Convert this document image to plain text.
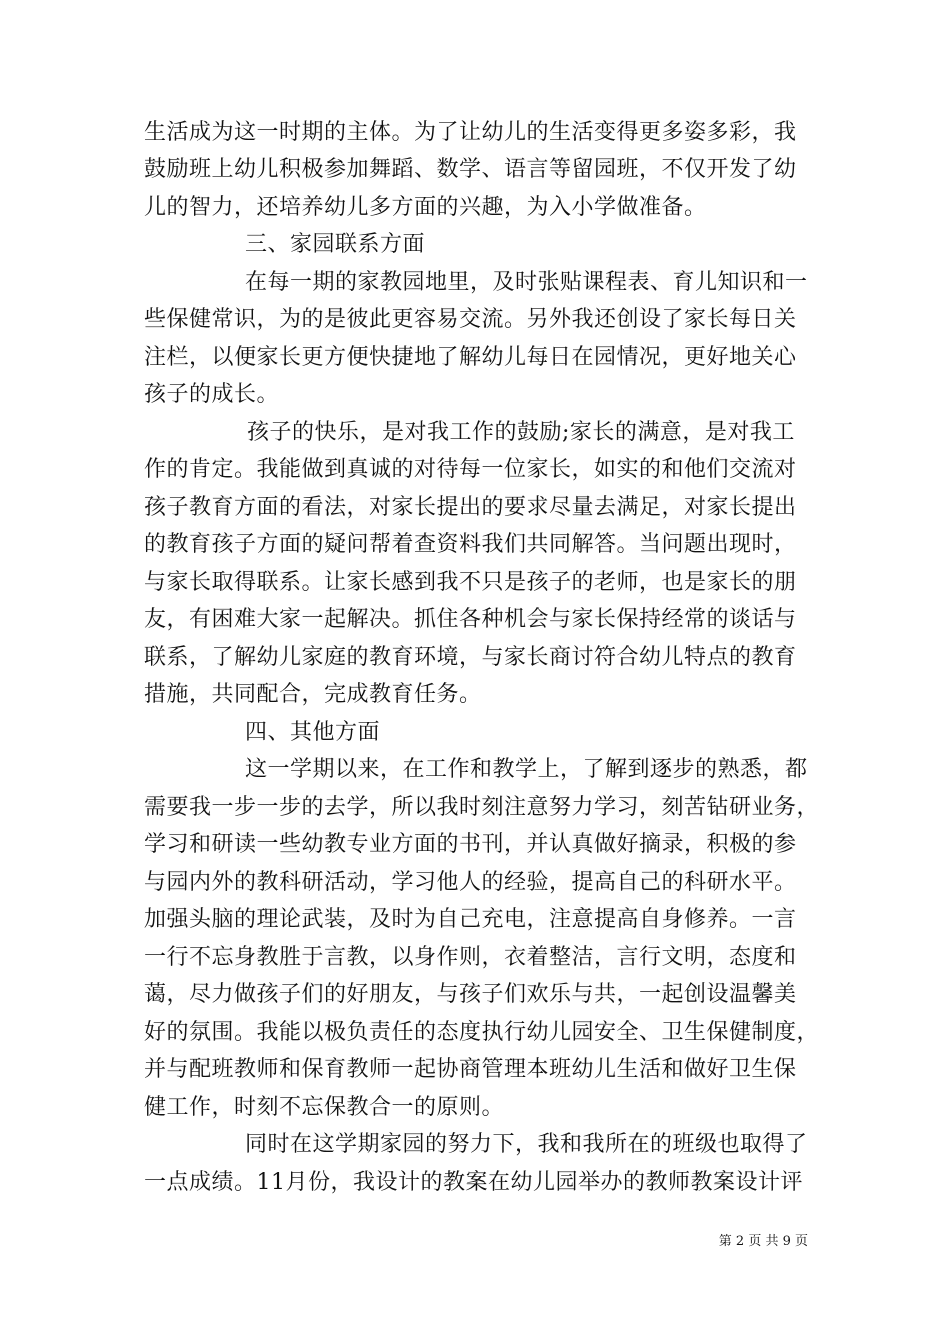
生活成为这一时期的主体。为了让幼儿的生活变得更多姿多彩，我
鼓励班上幼儿积极参加舞蹈、数学、语言等留园班，不仅开发了幼
儿的智力，还培养幼儿多方面的兴趣，为入小学做准备。
三、家园联系方面
在每一期的家教园地里，及时张贴课程表、育儿知识和一
些保健常识，为的是彼此更容易交流。另外我还创设了家长每日关
注栏，以便家长更方便快捷地了解幼儿每日在园情况，更好地关心
孩子的成长。
孩子的快乐，是对我工作的鼓励;家长的满意，是对我工
作的肯定。我能做到真诚的对待每一位家长，如实的和他们交流对
孩子教育方面的看法，对家长提出的要求尽量去满足，对家长提出
的教育孩子方面的疑问帮着查资料我们共同解答。当问题出现时，
与家长取得联系。让家长感到我不只是孩子的老师，也是家长的朋
友，有困难大家一起解决。抓住各种机会与家长保持经常的谈话与
联系，了解幼儿家庭的教育环境，与家长商讨符合幼儿特点的教育
措施，共同配合，完成教育任务。
四、其他方面
这一学期以来，在工作和教学上，了解到逐步的熟悉，都
需要我一步一步的去学，所以我时刻注意努力学习，刻苦钻研业务，
学习和研读一些幼教专业方面的书刊，并认真做好摘录，积极的参
与园内外的教科研活动，学习他人的经验，提高自己的科研水平。
加强头脑的理论武装，及时为自己充电，注意提高自身修养。一言
一行不忘身教胜于言教，以身作则，衣着整洁，言行文明，态度和
蔼，尽力做孩子们的好朋友，与孩子们欢乐与共，一起创设温馨美
好的氛围。我能以极负责任的态度执行幼儿园安全、卫生保健制度，
并与配班教师和保育教师一起协商管理本班幼儿生活和做好卫生保
健工作，时刻不忘保教合一的原则。
同时在这学期家园的努力下，我和我所在的班级也取得了
一点成绩。11月份，我设计的教案在幼儿园举办的教师教案设计评
第 2 页 共 9 页
